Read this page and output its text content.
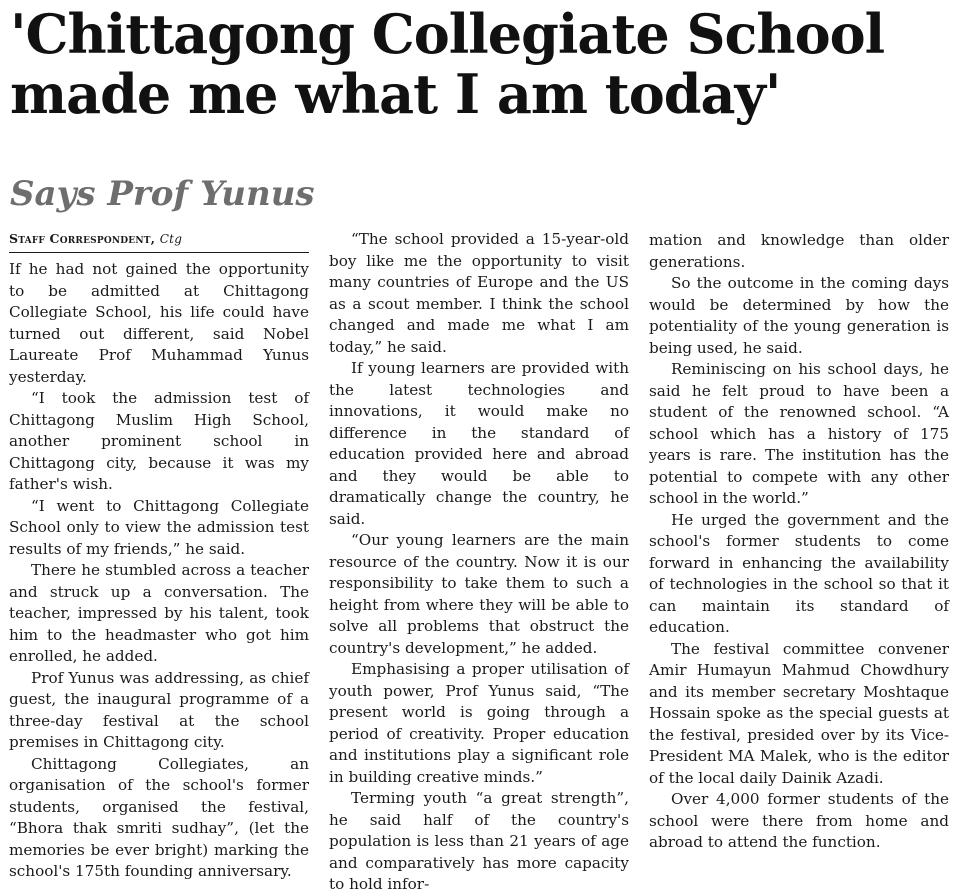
'Chittagong Collegiate School
made me what I am today'
Says Prof Yunus
Staff Correspondent, Ctg

If he had not gained the opportunity to be admitted at Chittagong Collegiate School, his life could have turned out different, said Nobel Laureate Prof Muhammad Yunus yesterday.

“I took the admission test of Chittagong Muslim High School, another prominent school in Chittagong city, because it was my father's wish.

“I went to Chittagong Collegiate School only to view the admission test results of my friends,” he said.

There he stumbled across a teacher and struck up a conversation. The teacher, impressed by his talent, took him to the headmaster who got him enrolled, he added.

Prof Yunus was addressing, as chief guest, the inaugural programme of a three-day festival at the school premises in Chittagong city.

Chittagong Collegiates, an organisation of the school's former students, organised the festival, “Bhora thak smriti sudhay”, (let the memories be ever bright) marking the school's 175th founding anniversary.

“The school provided a 15-year-old boy like me the opportunity to visit many countries of Europe and the US as a scout member. I think the school changed and made me what I am today,” he said.

If young learners are provided with the latest technologies and innovations, it would make no difference in the standard of education provided here and abroad and they would be able to dramatically change the country, he said.

“Our young learners are the main resource of the country. Now it is our responsibility to take them to such a height from where they will be able to solve all problems that obstruct the country's development,” he added.

Emphasising a proper utilisation of youth power, Prof Yunus said, “The present world is going through a period of creativity. Proper education and institutions play a significant role in building creative minds.”

Terming youth “a great strength”, he said half of the country's population is less than 21 years of age and comparatively has more capacity to hold infor-

mation and knowledge than older generations.

So the outcome in the coming days would be determined by how the potentiality of the young generation is being used, he said.

Reminiscing on his school days, he said he felt proud to have been a student of the renowned school. “A school which has a history of 175 years is rare. The institution has the potential to compete with any other school in the world.”

He urged the government and the school's former students to come forward in enhancing the availability of technologies in the school so that it can maintain its standard of education.

The festival committee convener Amir Humayun Mahmud Chowdhury and its member secretary Moshtaque Hossain spoke as the special guests at the festival, presided over by its Vice-President MA Malek, who is the editor of the local daily Dainik Azadi.

Over 4,000 former students of the school were there from home and abroad to attend the function.
